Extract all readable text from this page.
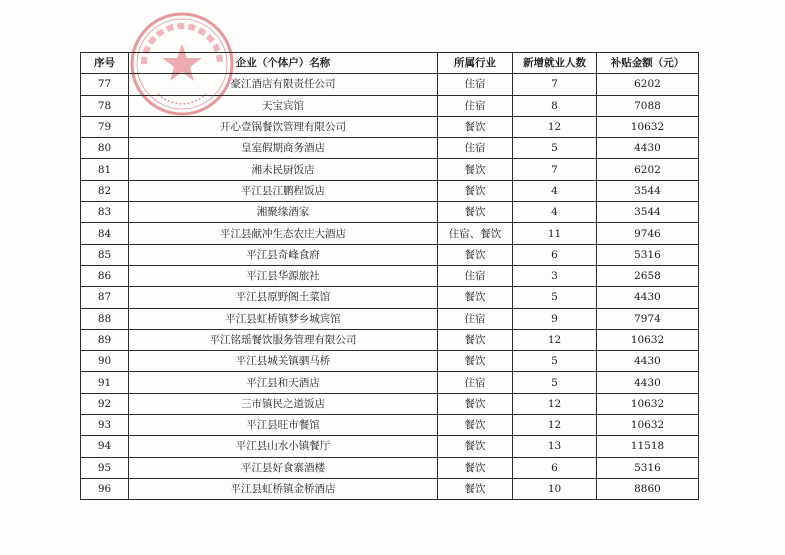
序号	企业（个体户）名称	所属行业	新增就业人数	补贴金额（元）
77	豪江酒店有限责任公司	住宿	7	6202
78	天宝宾馆	住宿	8	7088
79	开心壹锅餐饮管理有限公司	餐饮	12	10632
80	皇室假期商务酒店	住宿	5	4430
81	湘未民厨饭店	餐饮	7	6202
82	平江县江鹏程饭店	餐饮	4	3544
83	湘聚缘酒家	餐饮	4	3544
84	平江县献冲生态农庄大酒店	住宿、餐饮	11	9746
85	平江县奇峰食府	餐饮	6	5316
86	平江县华源旅社	住宿	3	2658
87	平江县原野阁土菜馆	餐饮	5	4430
88	平江县虹桥镇梦乡城宾馆	住宿	9	7974
89	平江铭瑶餐饮服务管理有限公司	餐饮	12	10632
90	平江县城关镇驷马桥	餐饮	5	4430
91	平江县和天酒店	住宿	5	4430
92	三市镇民之道饭店	餐饮	12	10632
93	平江县旺市餐馆	餐饮	12	10632
94	平江县山水小镇餐厅	餐饮	13	11518
95	平江县好食寨酒楼	餐饮	6	5316
96	平江县虹桥镇金桥酒店	餐饮	10	8860
